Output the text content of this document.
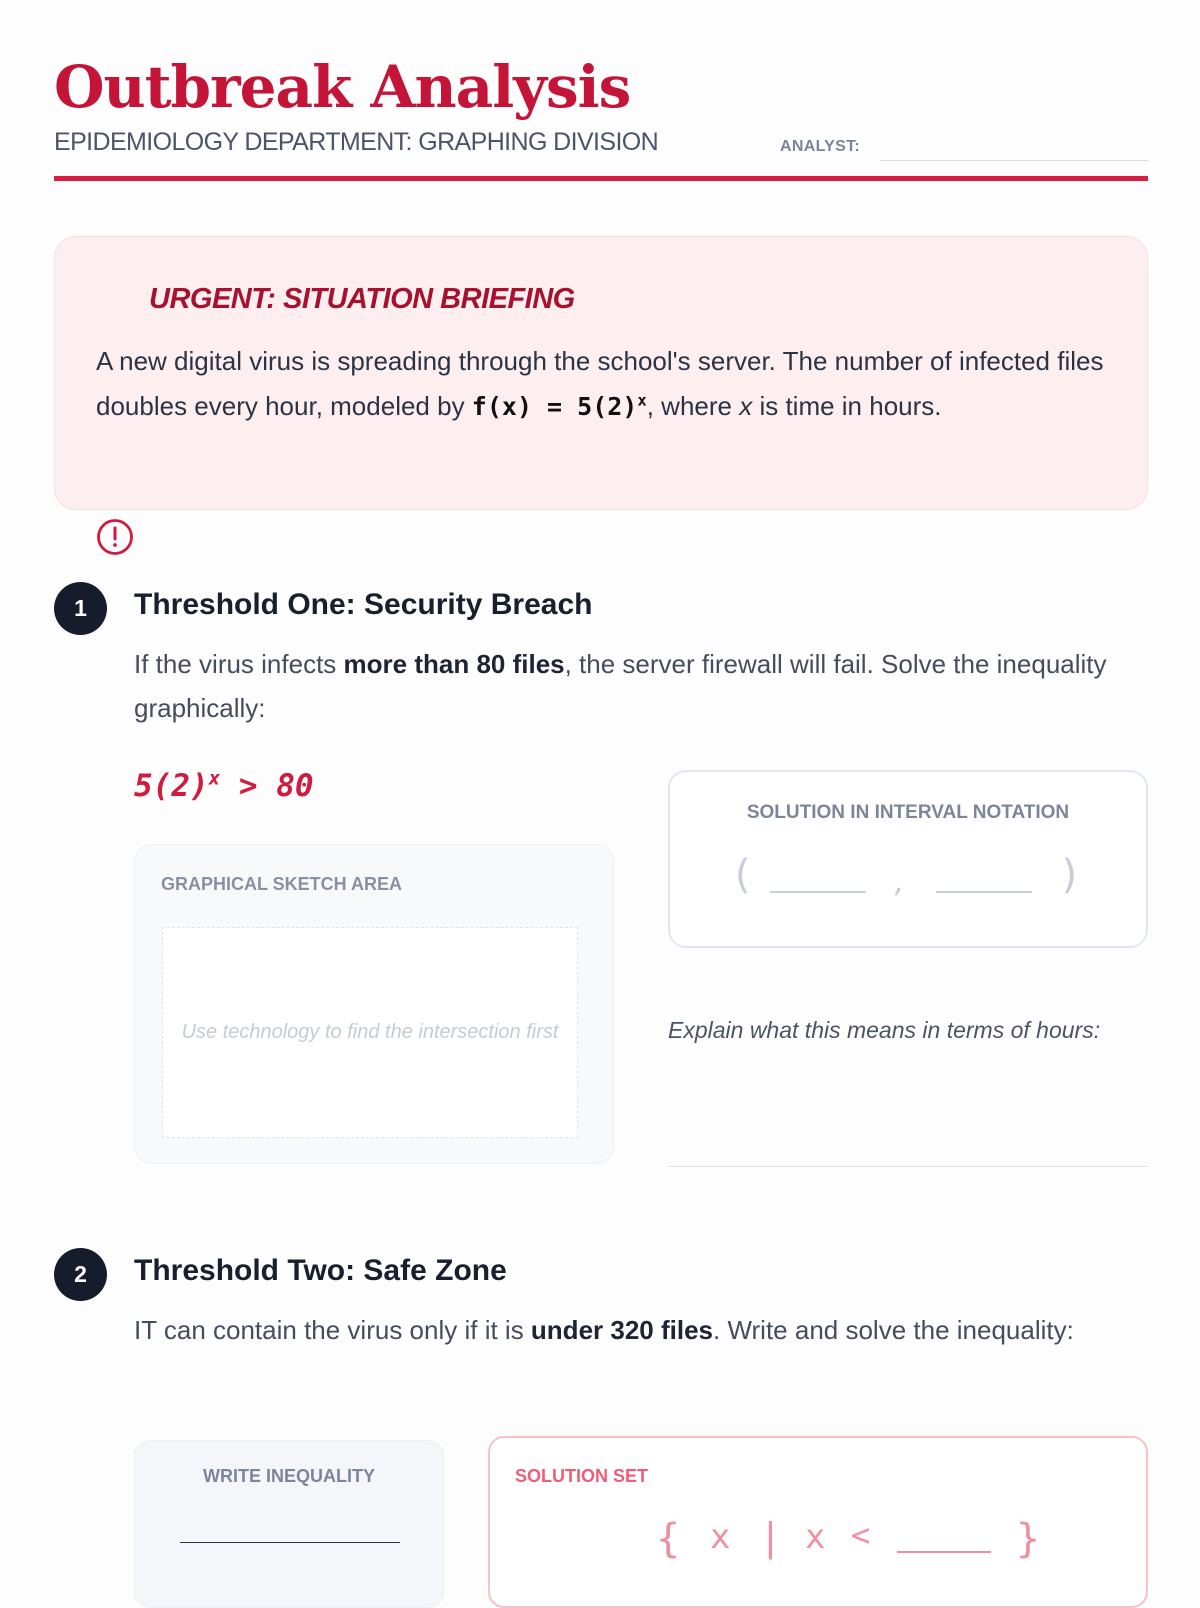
Outbreak Analysis
EPIDEMIOLOGY DEPARTMENT: GRAPHING DIVISION	ANALYST:
URGENT: SITUATION BRIEFING
A new digital virus is spreading through the school's server. The number of infected files doubles every hour, modeled by $f(x) = 5(2)^x$, where x is time in hours.
1	Threshold One: Security Breach
If the virus infects more than 80 files, the server firewall will fail. Solve the inequality graphically:
$5(2)^x > 80$
GRAPHICAL SKETCH AREA
Use technology to find the intersection first
SOLUTION IN INTERVAL NOTATION
(	,	)
Explain what this means in terms of hours:
2	Threshold Two: Safe Zone
IT can contain the virus only if it is under 320 files. Write and solve the inequality:
WRITE INEQUALITY	SOLUTION SET
{ x | x <	}
